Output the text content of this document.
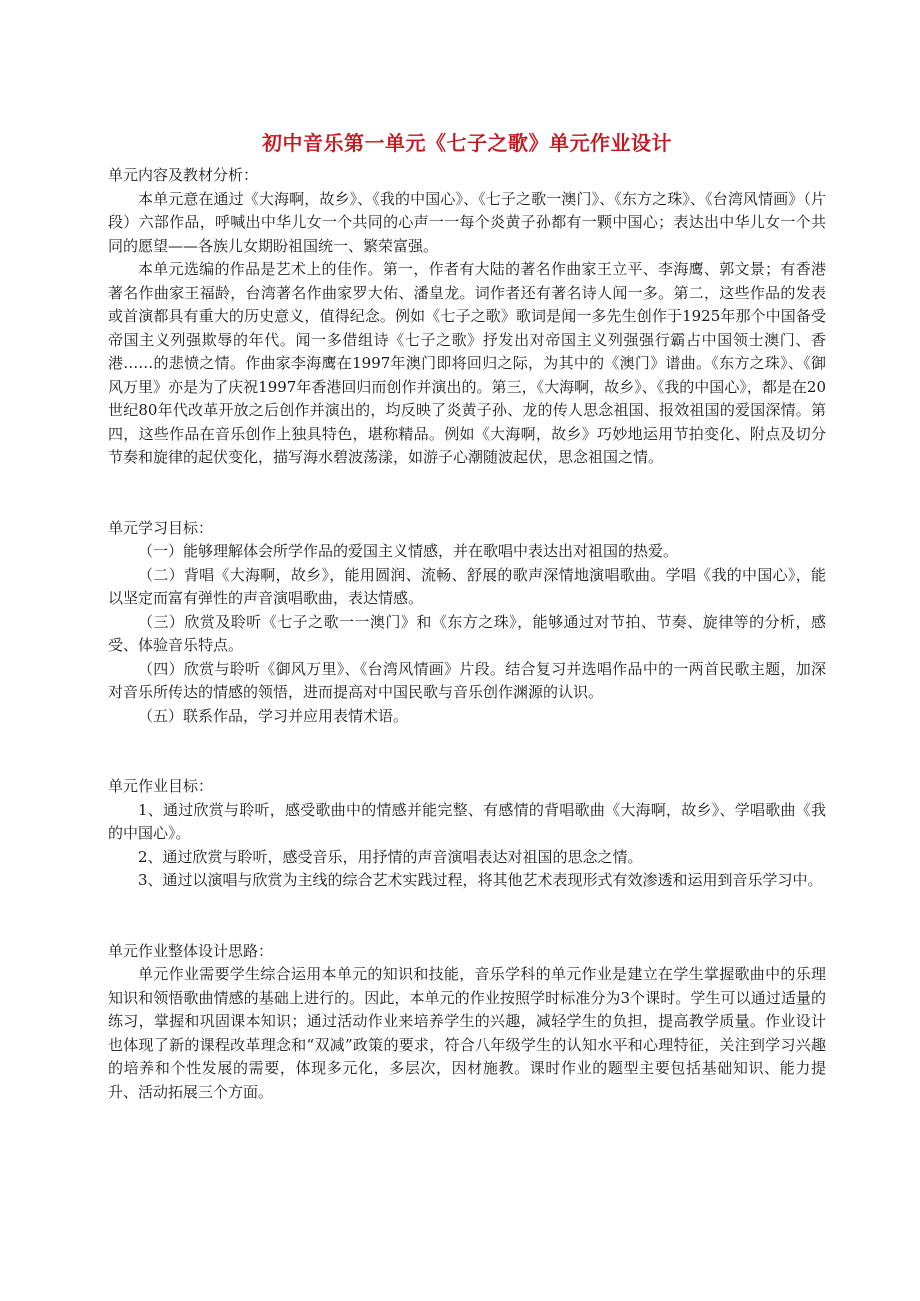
初中音乐第一单元《七子之歌》单元作业设计

单元内容及教材分析：

本单元意在通过《大海啊，故乡》、《我的中国心》、《七子之歌一澳门》、《东方之珠》、《台湾风情画》（片段）六部作品，呼喊出中华儿女一个共同的心声一一每个炎黄子孙都有一颗中国心；表达出中华儿女一个共同的愿望——各族儿女期盼祖国统一、繁荣富强。

本单元选编的作品是艺术上的佳作。第一，作者有大陆的著名作曲家王立平、李海鹰、郭文景；有香港著名作曲家王福龄，台湾著名作曲家罗大佑、潘皇龙。词作者还有著名诗人闻一多。第二，这些作品的发表或首演都具有重大的历史意义，值得纪念。例如《七子之歌》歌词是闻一多先生创作于1925年那个中国备受帝国主义列强欺辱的年代。闻一多借组诗《七子之歌》抒发出对帝国主义列强强行霸占中国领士澳门、香港……的悲愤之情。作曲家李海鹰在1997年澳门即将回归之际，为其中的《澳门》谱曲。《东方之珠》、《御风万里》亦是为了庆祝1997年香港回归而创作并演出的。第三，《大海啊，故乡》、《我的中国心》，都是在20世纪80年代改革开放之后创作并演出的，均反映了炎黄子孙、龙的传人思念祖国、报效祖国的爱国深情。第四，这些作品在音乐创作上独具特色，堪称精品。例如《大海啊，故乡》巧妙地运用节拍变化、附点及切分节奏和旋律的起伏变化，描写海水碧波荡漾，如游子心潮随波起伏，思念祖国之情。

单元学习目标：

（一）能够理解体会所学作品的爱国主义情感，并在歌唱中表达出对祖国的热爱。

（二）背唱《大海啊，故乡》，能用圆润、流畅、舒展的歌声深情地演唱歌曲。学唱《我的中国心》，能以坚定而富有弹性的声音演唱歌曲，表达情感。

（三）欣赏及聆听《七子之歌一一澳门》和《东方之珠》，能够通过对节拍、节奏、旋律等的分析，感受、体验音乐特点。

（四）欣赏与聆听《御风万里》、《台湾风情画》片段。结合复习并选唱作品中的一两首民歌主题，加深对音乐所传达的情感的领悟，进而提高对中国民歌与音乐创作渊源的认识。

（五）联系作品，学习并应用表情术语。

单元作业目标：

1、通过欣赏与聆听，感受歌曲中的情感并能完整、有感情的背唱歌曲《大海啊，故乡》、学唱歌曲《我的中国心》。

2、通过欣赏与聆听，感受音乐，用抒情的声音演唱表达对祖国的思念之情。

3、通过以演唱与欣赏为主线的综合艺术实践过程，将其他艺术表现形式有效渗透和运用到音乐学习中。

单元作业整体设计思路：

单元作业需要学生综合运用本单元的知识和技能，音乐学科的单元作业是建立在学生掌握歌曲中的乐理知识和领悟歌曲情感的基础上进行的。因此，本单元的作业按照学时标准分为3个课时。学生可以通过适量的练习，掌握和巩固课本知识；通过活动作业来培养学生的兴趣，减轻学生的负担，提高教学质量。作业设计也体现了新的课程改革理念和“双减”政策的要求，符合八年级学生的认知水平和心理特征，关注到学习兴趣的培养和个性发展的需要，体现多元化，多层次，因材施教。课时作业的题型主要包括基础知识、能力提升、活动拓展三个方面。
